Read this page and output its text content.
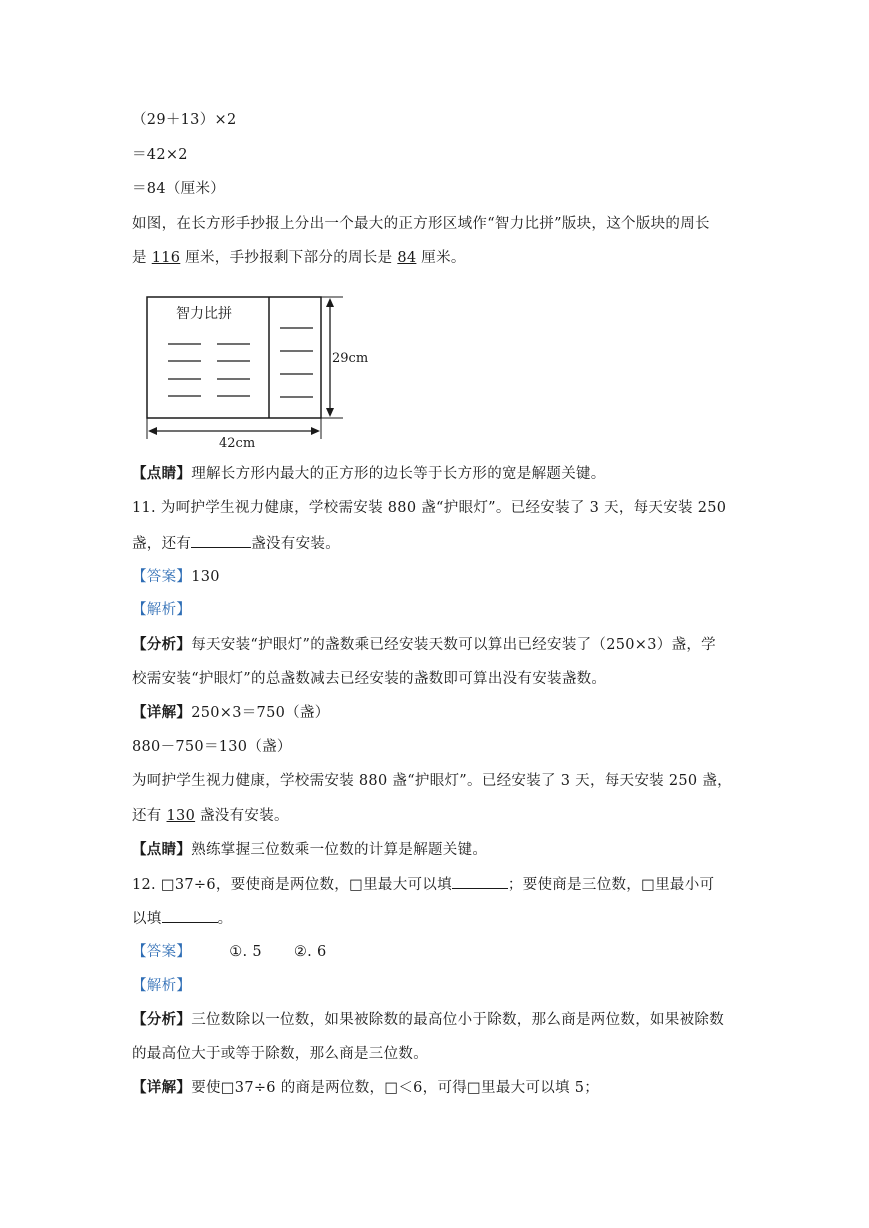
（29＋13）×2
＝42×2
＝84（厘米）
如图，在长方形手抄报上分出一个最大的正方形区域作“智力比拼”版块，这个版块的周长
是 116 厘米，手抄报剩下部分的周长是 84 厘米。
智力比拼
29cm
42cm
【点睛】理解长方形内最大的正方形的边长等于长方形的宽是解题关键。
11. 为呵护学生视力健康，学校需安装 880 盏“护眼灯”。已经安装了 3 天，每天安装 250
盏，还有	盏没有安装。
【答案】130
【解析】
【分析】每天安装“护眼灯”的盏数乘已经安装天数可以算出已经安装了（250×3）盏，学
校需安装“护眼灯”的总盏数减去已经安装的盏数即可算出没有安装盏数。
【详解】250×3＝750（盏）
880－750＝130（盏）
为呵护学生视力健康，学校需安装 880 盏“护眼灯”。已经安装了 3 天，每天安装 250 盏，
还有 130 盏没有安装。
【点睛】熟练掌握三位数乘一位数的计算是解题关键。
12. □37÷6，要使商是两位数，□里最大可以填	；要使商是三位数，□里最小可
以填	。
【答案】	①. 5 ②. 6
【解析】
【分析】三位数除以一位数，如果被除数的最高位小于除数，那么商是两位数，如果被除数
的最高位大于或等于除数，那么商是三位数。
【详解】要使□37÷6 的商是两位数，□＜6，可得□里最大可以填 5；
